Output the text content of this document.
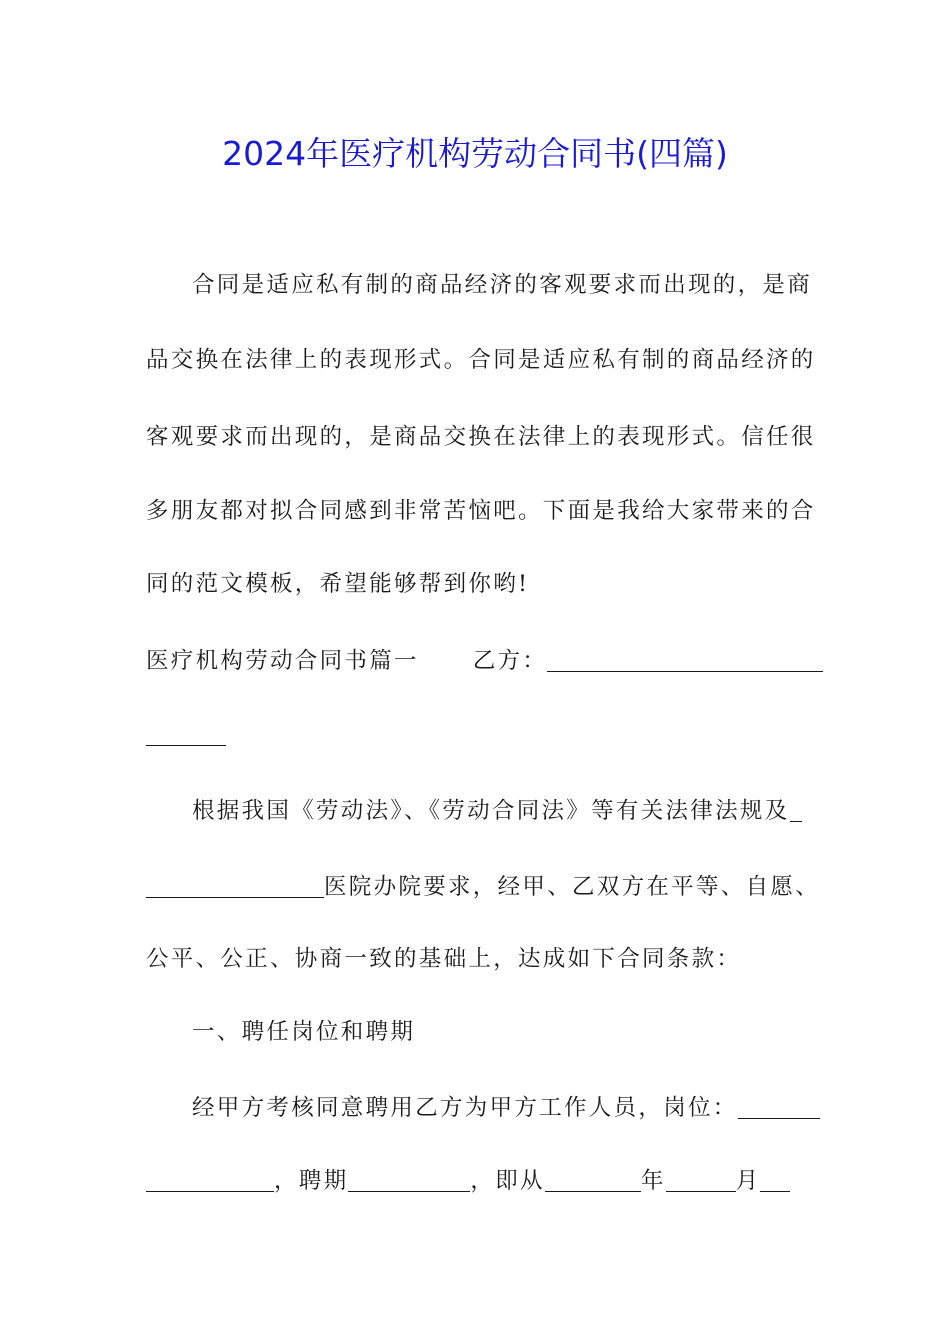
2024年医疗机构劳动合同书(四篇)
合同是适应私有制的商品经济的客观要求而出现的，是商
品交换在法律上的表现形式。合同是适应私有制的商品经济的
客观要求而出现的，是商品交换在法律上的表现形式。信任很
多朋友都对拟合同感到非常苦恼吧。下面是我给大家带来的合
同的范文模板，希望能够帮到你哟!
医疗机构劳动合同书篇一 乙方：
根据我国《劳动法》、《劳动合同法》等有关法律法规及
医院办院要求，经甲、乙双方在平等、自愿、
公平、公正、协商一致的基础上，达成如下合同条款：
一、聘任岗位和聘期
经甲方考核同意聘用乙方为甲方工作人员，岗位：
，聘期	，即从	年	月
